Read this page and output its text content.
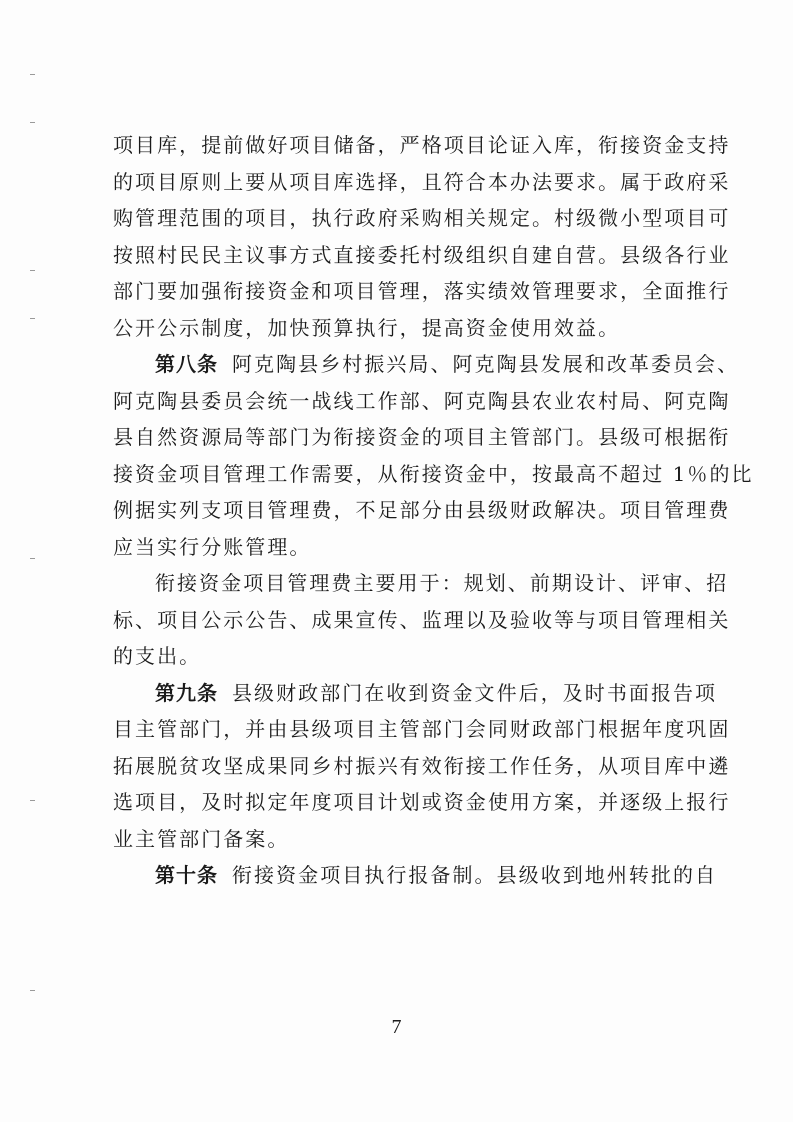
项目库，提前做好项目储备，严格项目论证入库，衔接资金支持
的项目原则上要从项目库选择，且符合本办法要求。属于政府采
购管理范围的项目，执行政府采购相关规定。村级微小型项目可
按照村民民主议事方式直接委托村级组织自建自营。县级各行业
部门要加强衔接资金和项目管理，落实绩效管理要求，全面推行
公开公示制度，加快预算执行，提高资金使用效益。
第八条 阿克陶县乡村振兴局、阿克陶县发展和改革委员会、
阿克陶县委员会统一战线工作部、阿克陶县农业农村局、阿克陶
县自然资源局等部门为衔接资金的项目主管部门。县级可根据衔
接资金项目管理工作需要，从衔接资金中，按最高不超过 1％的比
例据实列支项目管理费，不足部分由县级财政解决。项目管理费
应当实行分账管理。
衔接资金项目管理费主要用于：规划、前期设计、评审、招
标、项目公示公告、成果宣传、监理以及验收等与项目管理相关
的支出。
第九条 县级财政部门在收到资金文件后，及时书面报告项
目主管部门，并由县级项目主管部门会同财政部门根据年度巩固
拓展脱贫攻坚成果同乡村振兴有效衔接工作任务，从项目库中遴
选项目，及时拟定年度项目计划或资金使用方案，并逐级上报行
业主管部门备案。
第十条 衔接资金项目执行报备制。县级收到地州转批的自
7
